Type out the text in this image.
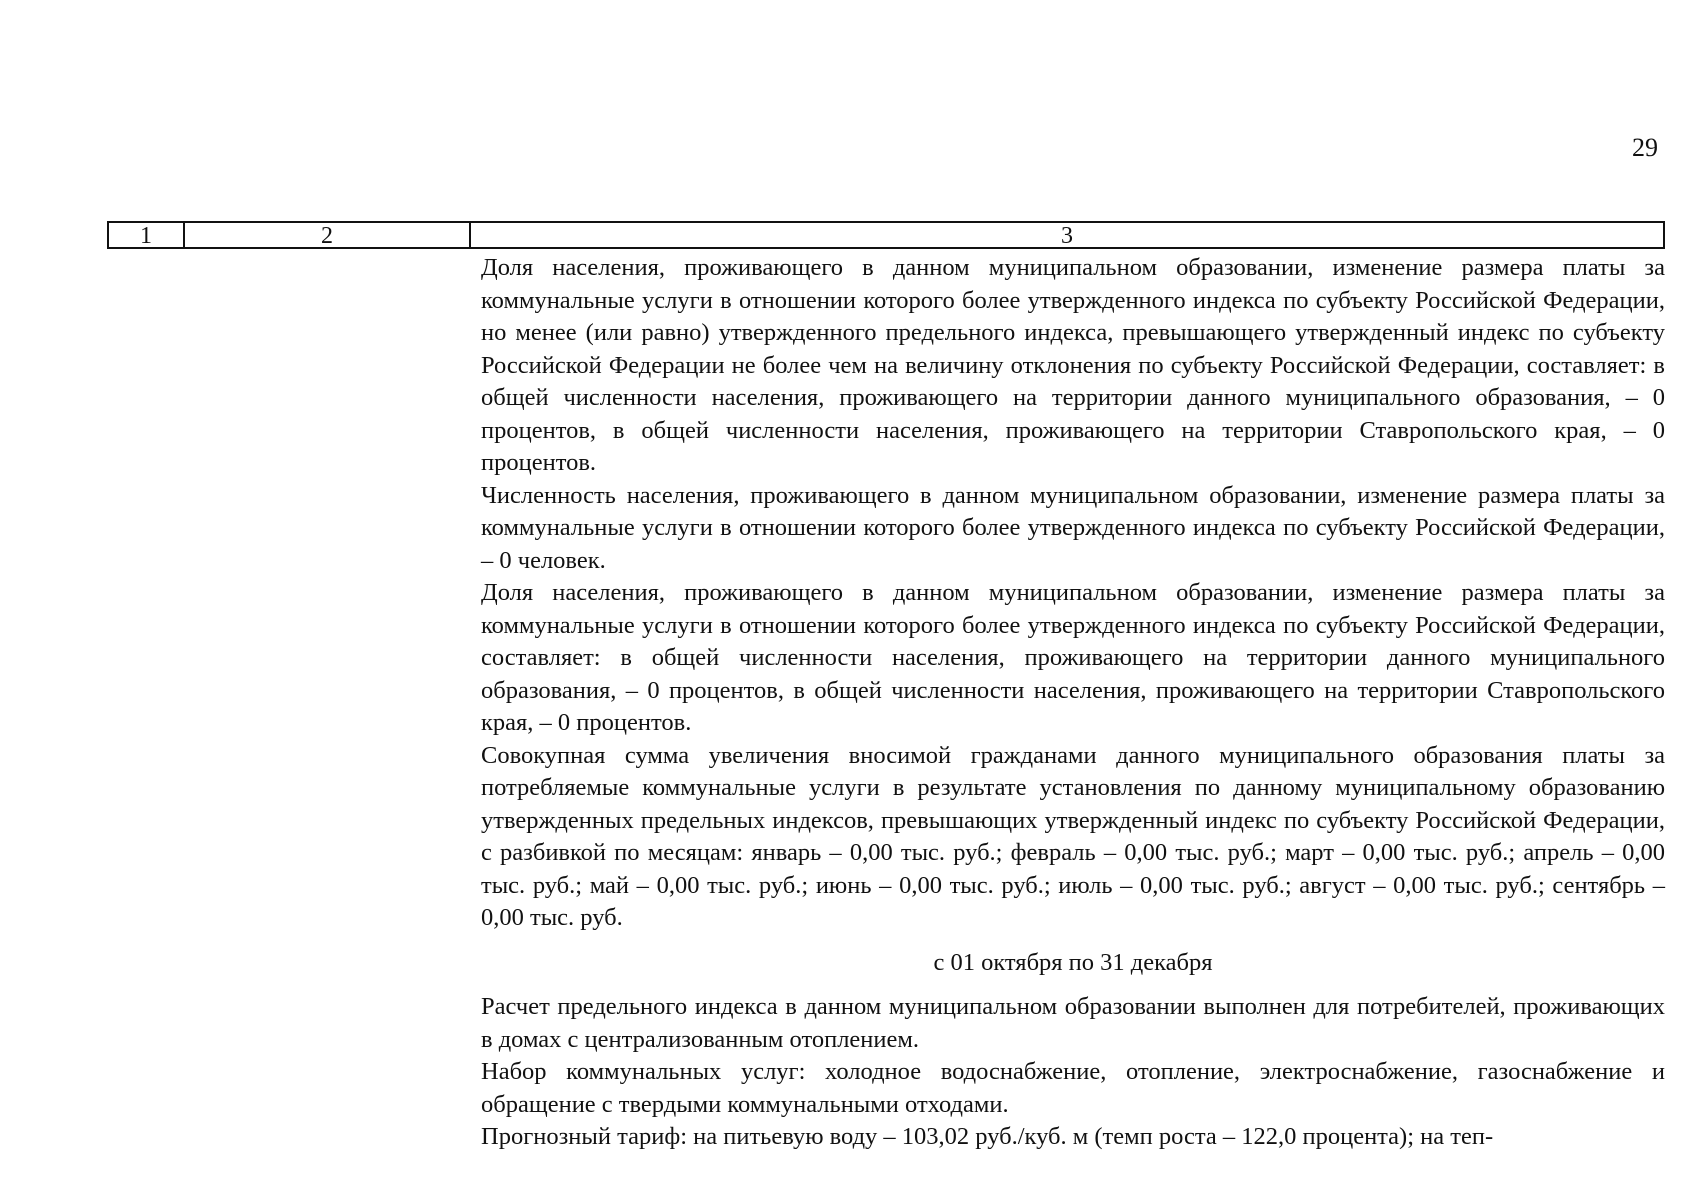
29
1	2	3

Доля населения, проживающего в данном муниципальном образовании, изменение размера платы за коммунальные услуги в отношении которого более утвержденного индекса по субъекту Российской Федерации, но менее (или равно) утвержденного предельного индекса, превышающего утвержденный индекс по субъекту Российской Федерации не более чем на величину отклонения по субъекту Российской Федерации, составляет: в общей численности населения, проживающего на территории данного муниципального образования, – 0 процентов, в общей численности населения, проживающего на территории Ставропольского края, – 0 процентов.

Численность населения, проживающего в данном муниципальном образовании, изменение размера платы за коммунальные услуги в отношении которого более утвержденного индекса по субъекту Российской Федерации, – 0 человек.

Доля населения, проживающего в данном муниципальном образовании, изменение размера платы за коммунальные услуги в отношении которого более утвержденного индекса по субъекту Российской Федерации, составляет: в общей численности населения, проживающего на территории данного муниципального образования, – 0 процентов, в общей численности населения, проживающего на территории Ставропольского края, – 0 процентов.

Совокупная сумма увеличения вносимой гражданами данного муниципального образования платы за потребляемые коммунальные услуги в результате установления по данному муниципальному образованию утвержденных предельных индексов, превышающих утвержденный индекс по субъекту Российской Федерации, с разбивкой по месяцам: январь – 0,00 тыс. руб.; февраль – 0,00 тыс. руб.; март – 0,00 тыс. руб.; апрель – 0,00 тыс. руб.; май – 0,00 тыс. руб.; июнь – 0,00 тыс. руб.; июль – 0,00 тыс. руб.; август – 0,00 тыс. руб.; сентябрь – 0,00 тыс. руб.

с 01 октября по 31 декабря

Расчет предельного индекса в данном муниципальном образовании выполнен для потребителей, проживающих в домах с централизованным отоплением.

Набор коммунальных услуг: холодное водоснабжение, отопление, электроснабжение, газоснабжение и обращение с твердыми коммунальными отходами.

Прогнозный тариф: на питьевую воду – 103,02 руб./куб. м (темп роста – 122,0 процента); на теп-
